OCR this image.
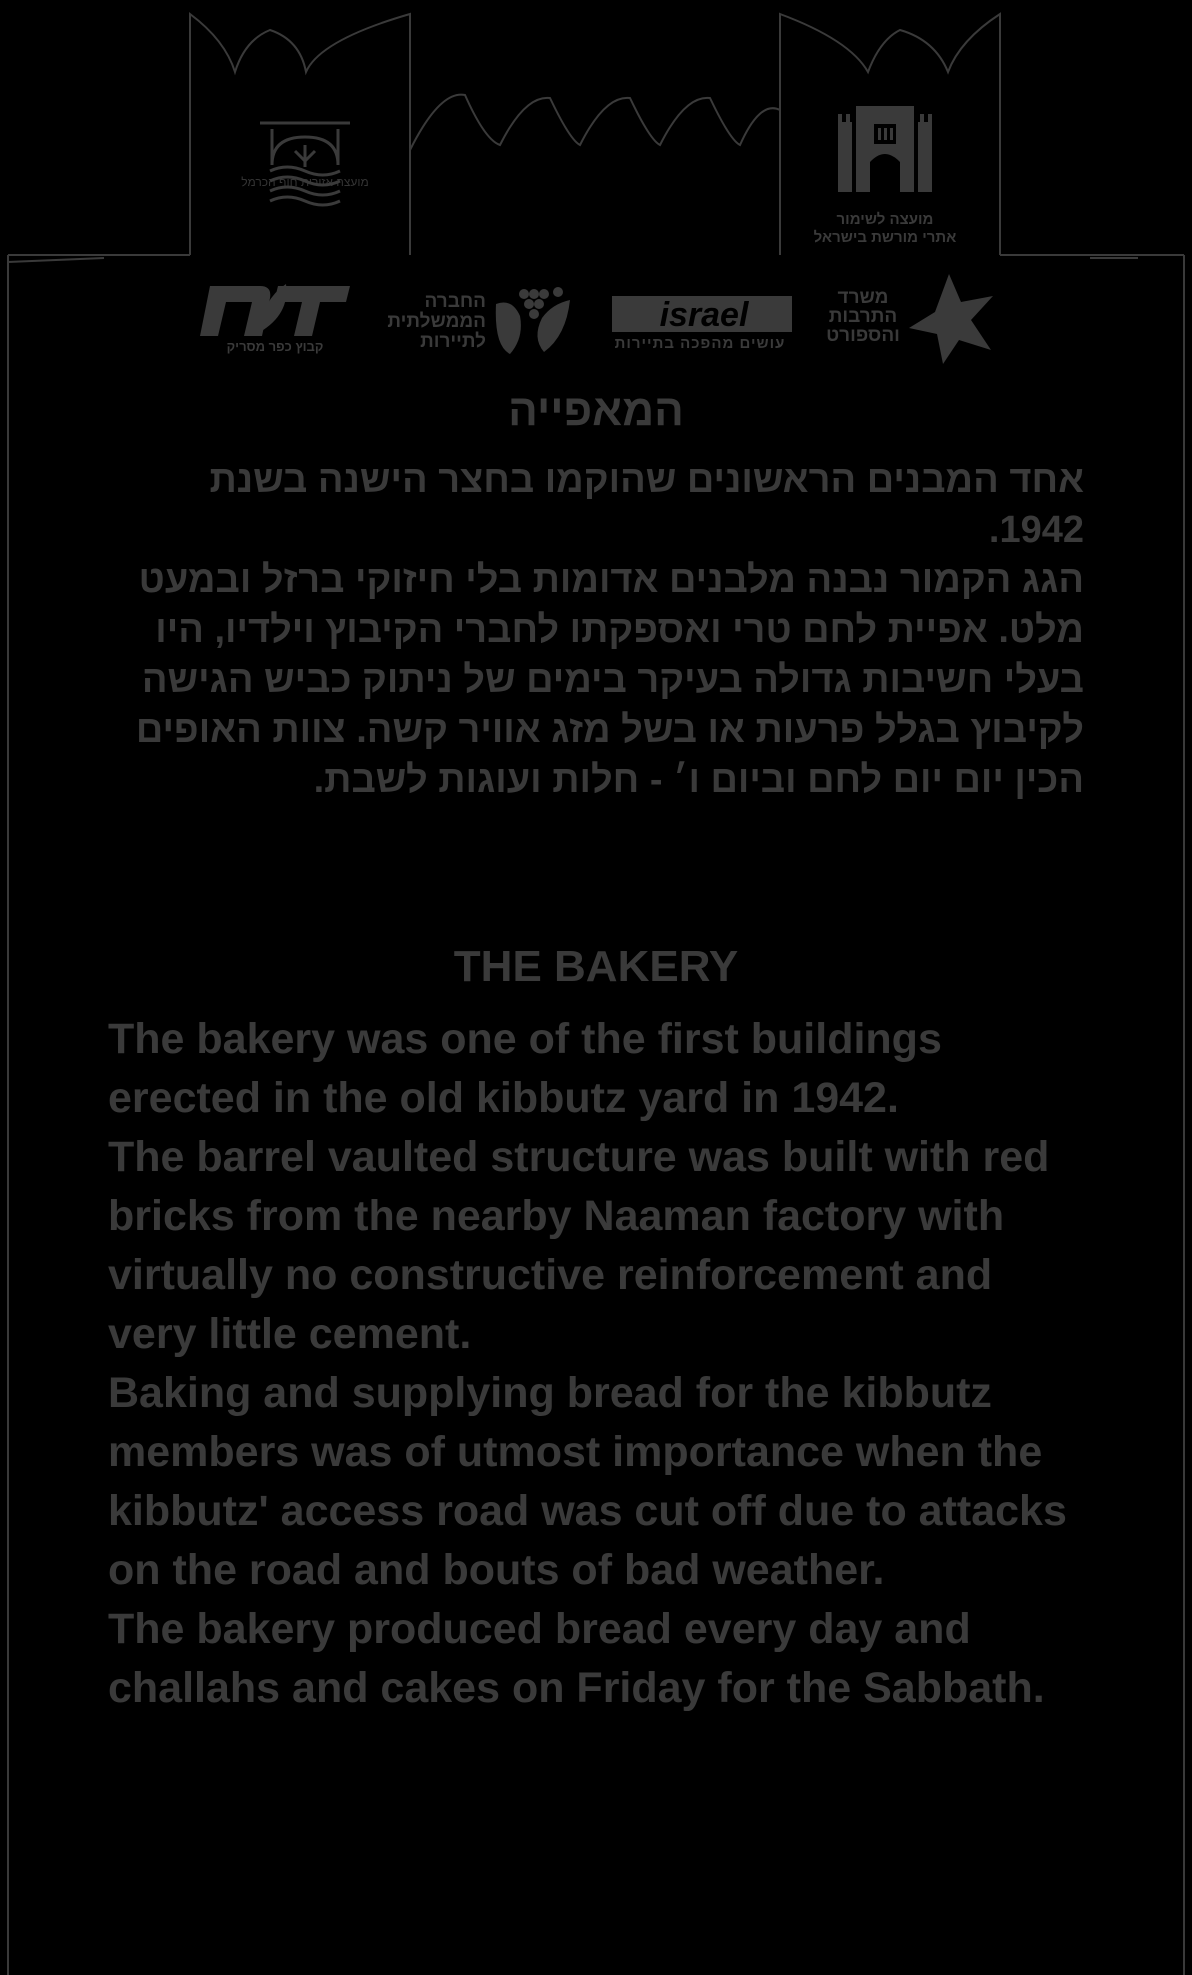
מועצה אזורית חוף הכרמל
מועצה לשימור
אתרי מורשת בישראל
משרד
התרבות
והספורט
israel
עושים מהפכה בתיירות
החברה
הממשלתית
לתיירות
קבוץ כפר מסריק
המאפייה

אחד המבנים הראשונים שהוקמו בחצר הישנה בשנת 1942.

הגג הקמור נבנה מלבנים אדומות בלי חיזוקי ברזל ובמעט מלט. אפיית לחם טרי ואספקתו לחברי הקיבוץ וילדיו, היו בעלי חשיבות גדולה בעיקר בימים של ניתוק כביש הגישה לקיבוץ בגלל פרעות או בשל מזג אוויר קשה. צוות האופים הכין יום יום לחם וביום ו׳ - חלות ועוגות לשבת.

THE BAKERY

The bakery was one of the first buildings erected in the old kibbutz yard in 1942.

The barrel vaulted structure was built with red bricks from the nearby Naaman factory with virtually no constructive reinforcement and very little cement.

Baking and supplying bread for the kibbutz members was of utmost importance when the kibbutz' access road was cut off due to attacks on the road and bouts of bad weather.

The bakery produced bread every day and challahs and cakes on Friday for the Sabbath.
